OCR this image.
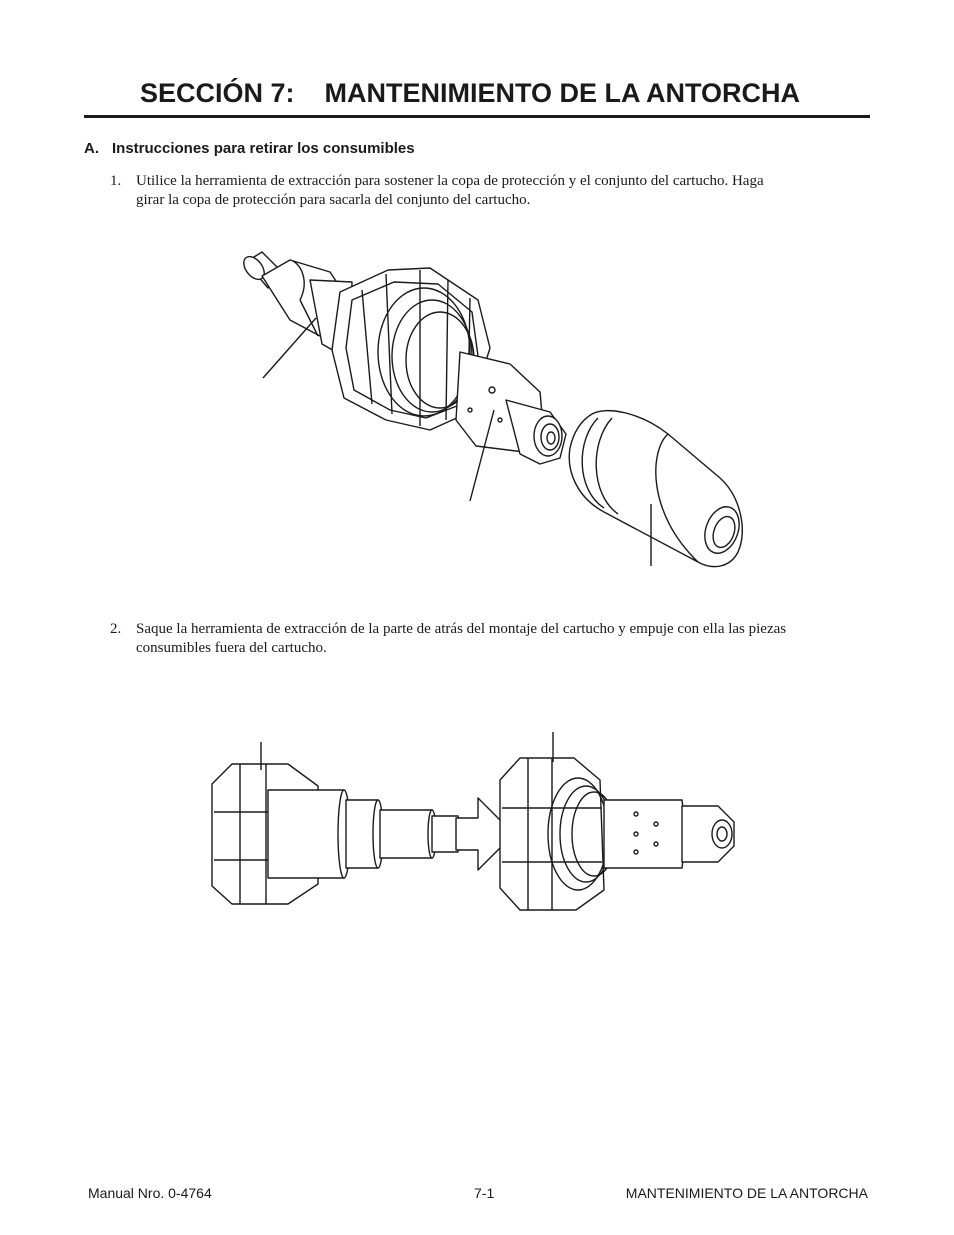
SECCIÓN 7: MANTENIMIENTO DE LA ANTORCHA
A. Instrucciones para retirar los consumibles
1. Utilice la herramienta de extracción para sostener la copa de protección y el conjunto del cartucho. Haga
girar la copa de protección para sacarla del conjunto del cartucho.
2. Saque la herramienta de extracción de la parte de atrás del montaje del cartucho y empuje con ella las piezas
consumibles fuera del cartucho.
Manual Nro. 0-4764	7-1	MANTENIMIENTO DE LA ANTORCHA
